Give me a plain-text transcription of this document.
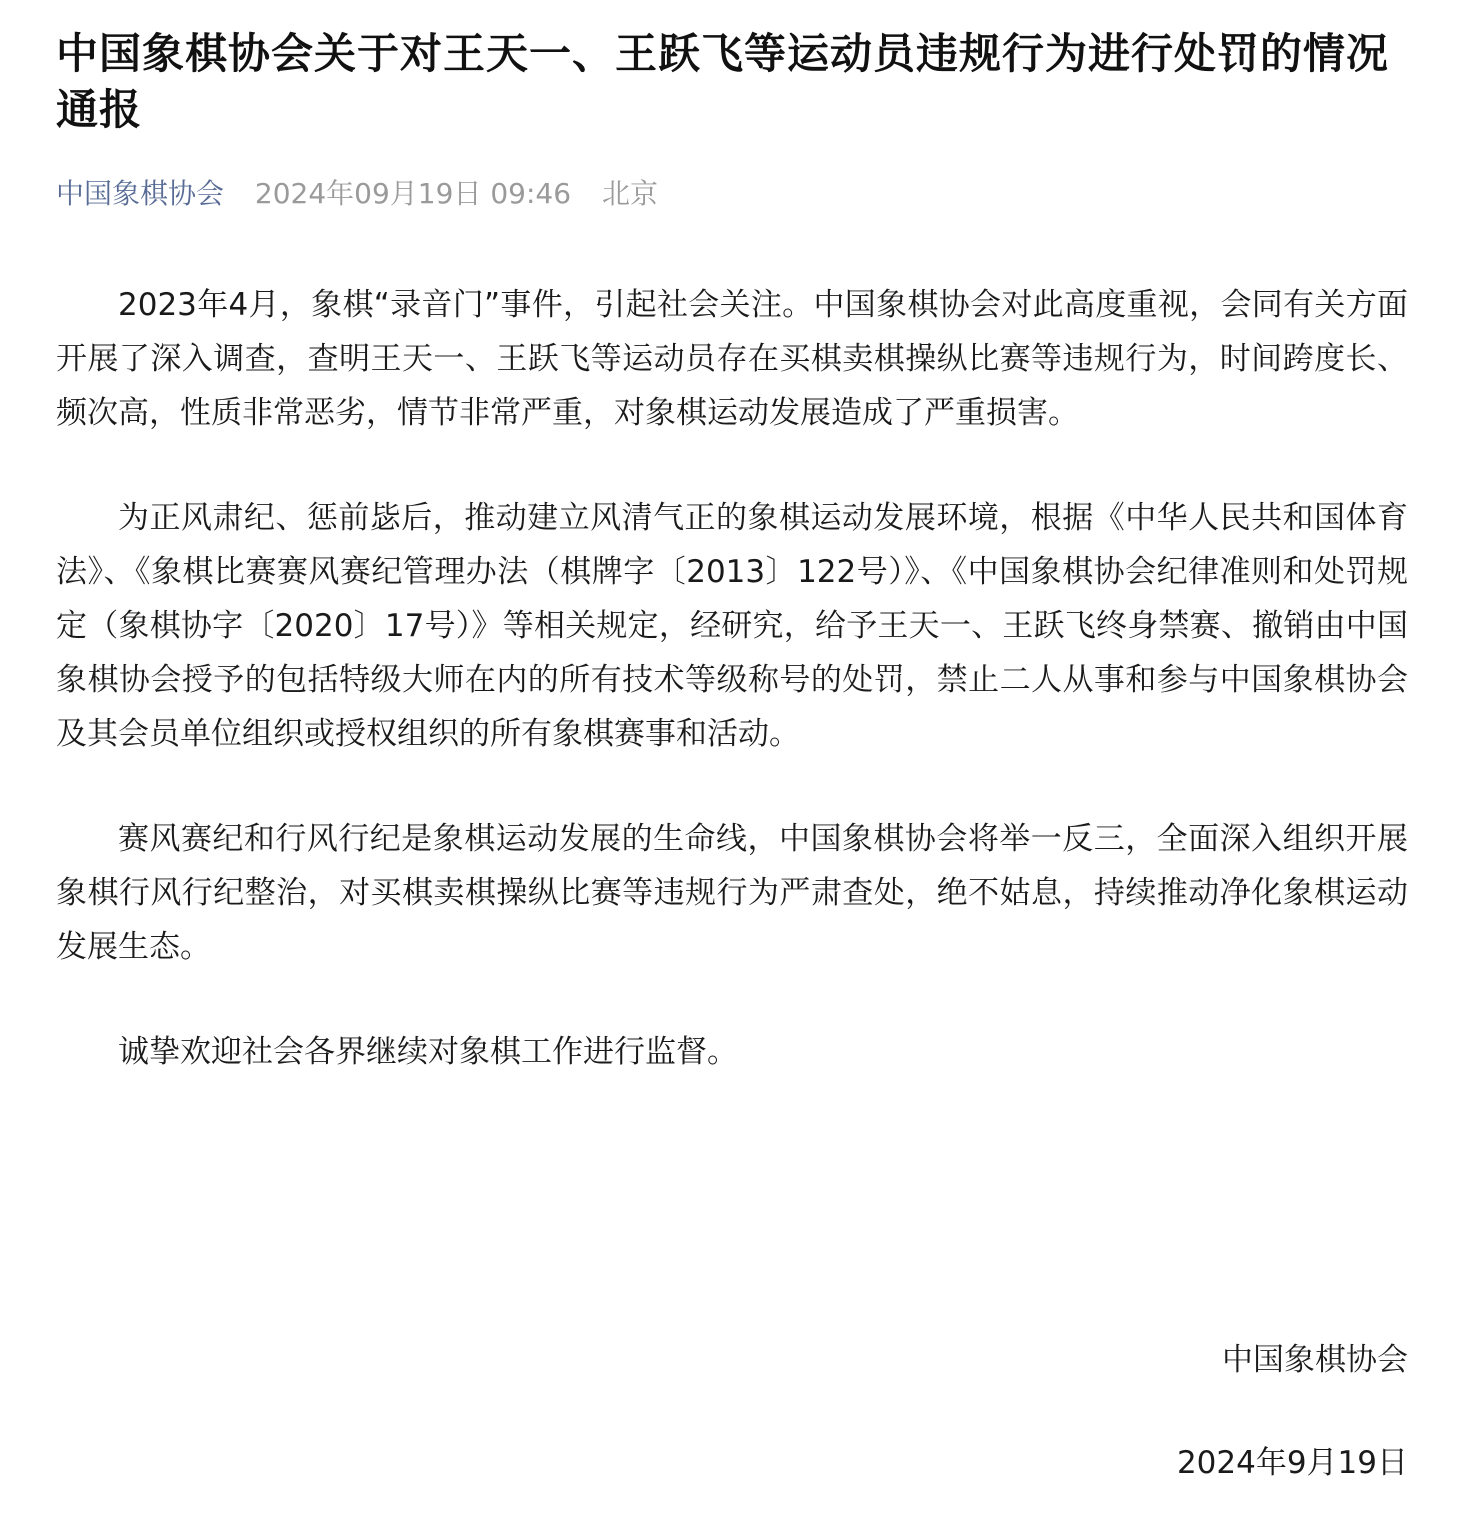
中国象棋协会关于对王天一、王跃飞等运动员违规行为进行处罚的情况通报
中国象棋协会 2024年09月19日 09:46 北京

2023年4月，象棋“录音门”事件，引起社会关注。中国象棋协会对此高度重视，会同有关方面开展了深入调查，查明王天一、王跃飞等运动员存在买棋卖棋操纵比赛等违规行为，时间跨度长、频次高，性质非常恶劣，情节非常严重，对象棋运动发展造成了严重损害。

为正风肃纪、惩前毖后，推动建立风清气正的象棋运动发展环境，根据《中华人民共和国体育法》、《象棋比赛赛风赛纪管理办法（棋牌字〔2013〕122号）》、《中国象棋协会纪律准则和处罚规定（象棋协字〔2020〕17号）》等相关规定，经研究，给予王天一、王跃飞终身禁赛、撤销由中国象棋协会授予的包括特级大师在内的所有技术等级称号的处罚，禁止二人从事和参与中国象棋协会及其会员单位组织或授权组织的所有象棋赛事和活动。

赛风赛纪和行风行纪是象棋运动发展的生命线，中国象棋协会将举一反三，全面深入组织开展象棋行风行纪整治，对买棋卖棋操纵比赛等违规行为严肃查处，绝不姑息，持续推动净化象棋运动发展生态。

诚挚欢迎社会各界继续对象棋工作进行监督。

中国象棋协会
2024年9月19日
